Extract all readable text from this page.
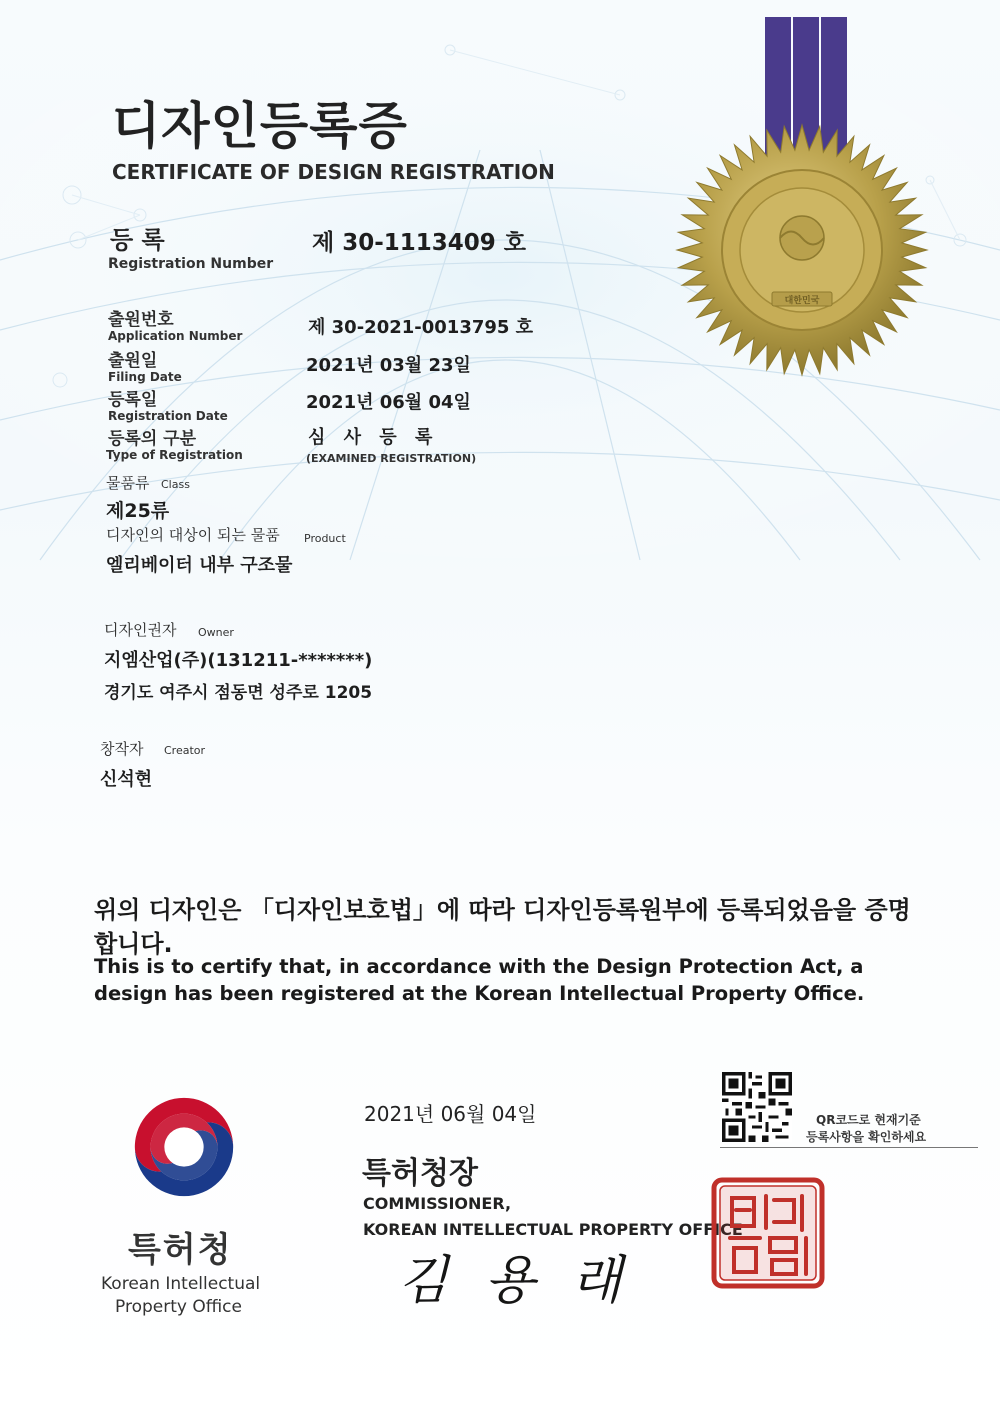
대한민국
디자인등록증
CERTIFICATE OF DESIGN REGISTRATION
등 록
Registration Number
제 30-1113409 호
출원번호
Application Number	제 30-2021-0013795 호
출원일
Filing Date
2021년 03월 23일
등록일
Registration Date
2021년 06월 04일
등록의 구분
Type of Registration
심 사 등 록
(EXAMINED REGISTRATION)
물품류 Class
제25류
디자인의 대상이 되는 물품 Product
엘리베이터 내부 구조물
디자인권자 Owner
지엠산업(주)(131211-*******)
경기도 여주시 점동면 성주로 1205
창작자 Creator
신석현

위의 디자인은 「디자인보호법」에 따라 디자인등록원부에 등록되었음을 증명합니다.

This is to certify that, in accordance with the Design Protection Act, a design has been registered at the Korean Intellectual Property Office.

특허청
Korean Intellectual
Property Office
2021년 06월 04일	QR코드로 현재기준
등록사항을 확인하세요
특허청장
COMMISSIONER,
KOREAN INTELLECTUAL PROPERTY OFFICE
김 용 래
